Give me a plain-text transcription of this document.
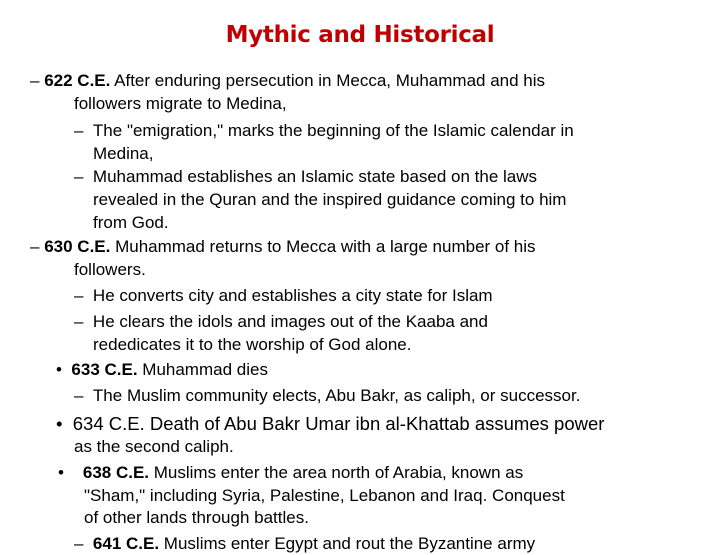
Mythic and Historical
– 622 C.E. After enduring persecution in Mecca, Muhammad and his
followers migrate to Medina,
– The "emigration," marks the beginning of the Islamic calendar in
Medina,
– Muhammad establishes an Islamic state based on the laws
revealed in the Quran and the inspired guidance coming to him
from God.
– 630 C.E. Muhammad returns to Mecca with a large number of his
followers.
– He converts city and establishes a city state for Islam
– He clears the idols and images out of the Kaaba and
rededicates it to the worship of God alone.
• 633 C.E. Muhammad dies
– The Muslim community elects, Abu Bakr, as caliph, or successor.
• 634 C.E. Death of Abu Bakr Umar ibn al-Khattab assumes power
as the second caliph.
• 638 C.E. Muslims enter the area north of Arabia, known as
"Sham," including Syria, Palestine, Lebanon and Iraq. Conquest
of other lands through battles.
– 641 C.E. Muslims enter Egypt and rout the Byzantine army
